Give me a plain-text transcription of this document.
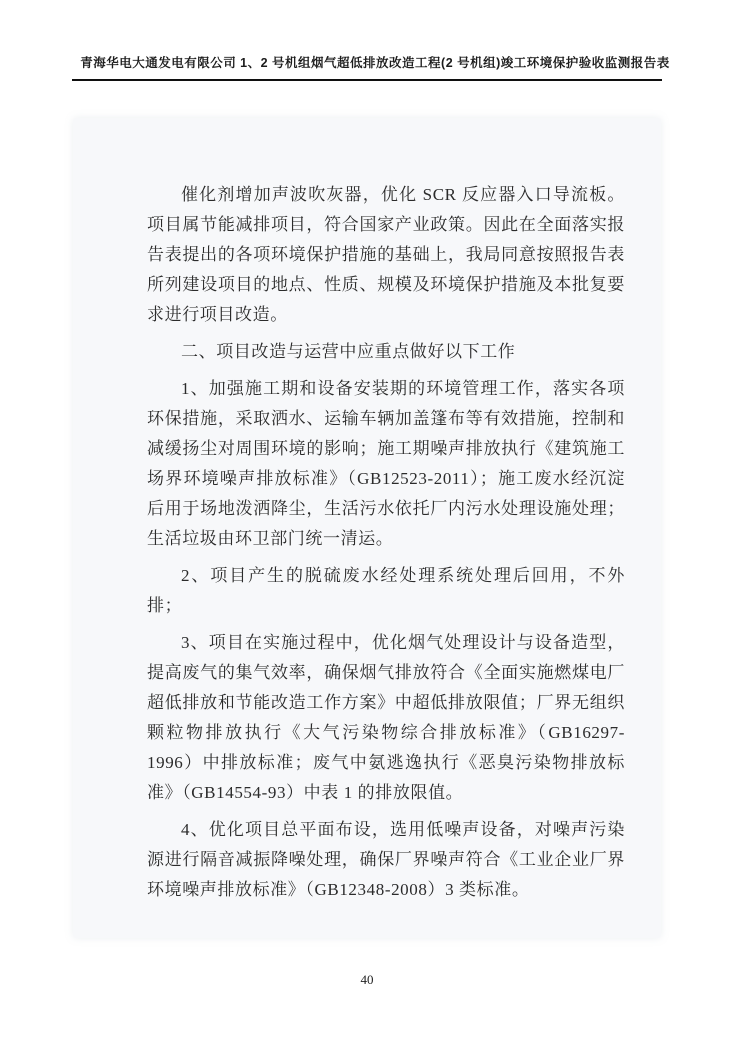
青海华电大通发电有限公司 1、2 号机组烟气超低排放改造工程(2 号机组)竣工环境保护验收监测报告表

催化剂增加声波吹灰器，优化 SCR 反应器入口导流板。项目属节能减排项目，符合国家产业政策。因此在全面落实报告表提出的各项环境保护措施的基础上，我局同意按照报告表所列建设项目的地点、性质、规模及环境保护措施及本批复要求进行项目改造。

二、项目改造与运营中应重点做好以下工作

1、加强施工期和设备安装期的环境管理工作，落实各项环保措施，采取洒水、运输车辆加盖篷布等有效措施，控制和减缓扬尘对周围环境的影响；施工期噪声排放执行《建筑施工场界环境噪声排放标准》（GB12523-2011）；施工废水经沉淀后用于场地泼洒降尘，生活污水依托厂内污水处理设施处理；生活垃圾由环卫部门统一清运。

2、项目产生的脱硫废水经处理系统处理后回用，不外排；

3、项目在实施过程中，优化烟气处理设计与设备造型，提高废气的集气效率，确保烟气排放符合《全面实施燃煤电厂超低排放和节能改造工作方案》中超低排放限值；厂界无组织颗粒物排放执行《大气污染物综合排放标准》（GB16297-1996）中排放标准；废气中氨逃逸执行《恶臭污染物排放标准》（GB14554-93）中表 1 的排放限值。

4、优化项目总平面布设，选用低噪声设备，对噪声污染源进行隔音减振降噪处理，确保厂界噪声符合《工业企业厂界环境噪声排放标准》（GB12348-2008）3 类标准。

40
